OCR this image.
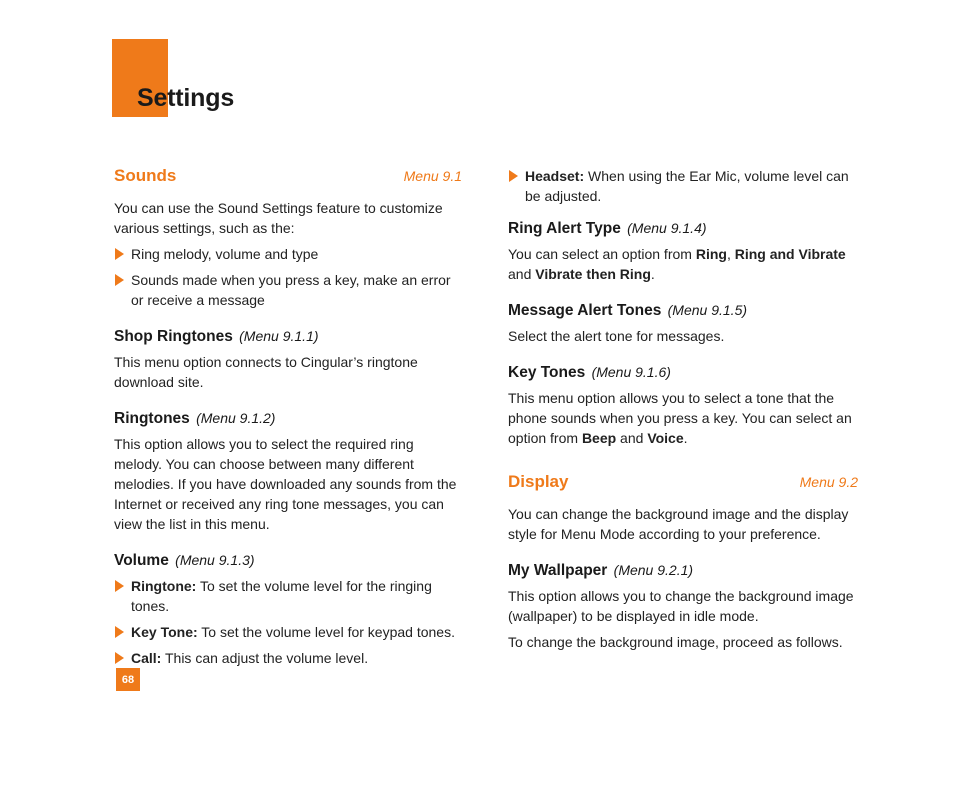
Settings
Sounds	Menu 9.1

You can use the Sound Settings feature to customize various settings, such as the:

Ring melody, volume and type
Sounds made when you press a key, make an error or receive a message
Shop Ringtones (Menu 9.1.1)

This menu option connects to Cingular’s ringtone download site.

Ringtones (Menu 9.1.2)

This option allows you to select the required ring melody. You can choose between many different melodies. If you have downloaded any sounds from the Internet or received any ring tone messages, you can view the list in this menu.

Volume (Menu 9.1.3)
Ringtone: To set the volume level for the ringing tones.
Key Tone: To set the volume level for keypad tones.
Call: This can adjust the volume level.
Headset: When using the Ear Mic, volume level can be adjusted.
Ring Alert Type (Menu 9.1.4)

You can select an option from Ring, Ring and Vibrate and Vibrate then Ring.

Message Alert Tones (Menu 9.1.5)

Select the alert tone for messages.

Key Tones (Menu 9.1.6)

This menu option allows you to select a tone that the phone sounds when you press a key. You can select an option from Beep and Voice.

Display	Menu 9.2

You can change the background image and the display style for Menu Mode according to your preference.

My Wallpaper (Menu 9.2.1)

This option allows you to change the background image (wallpaper) to be displayed in idle mode.

To change the background image, proceed as follows.

68
